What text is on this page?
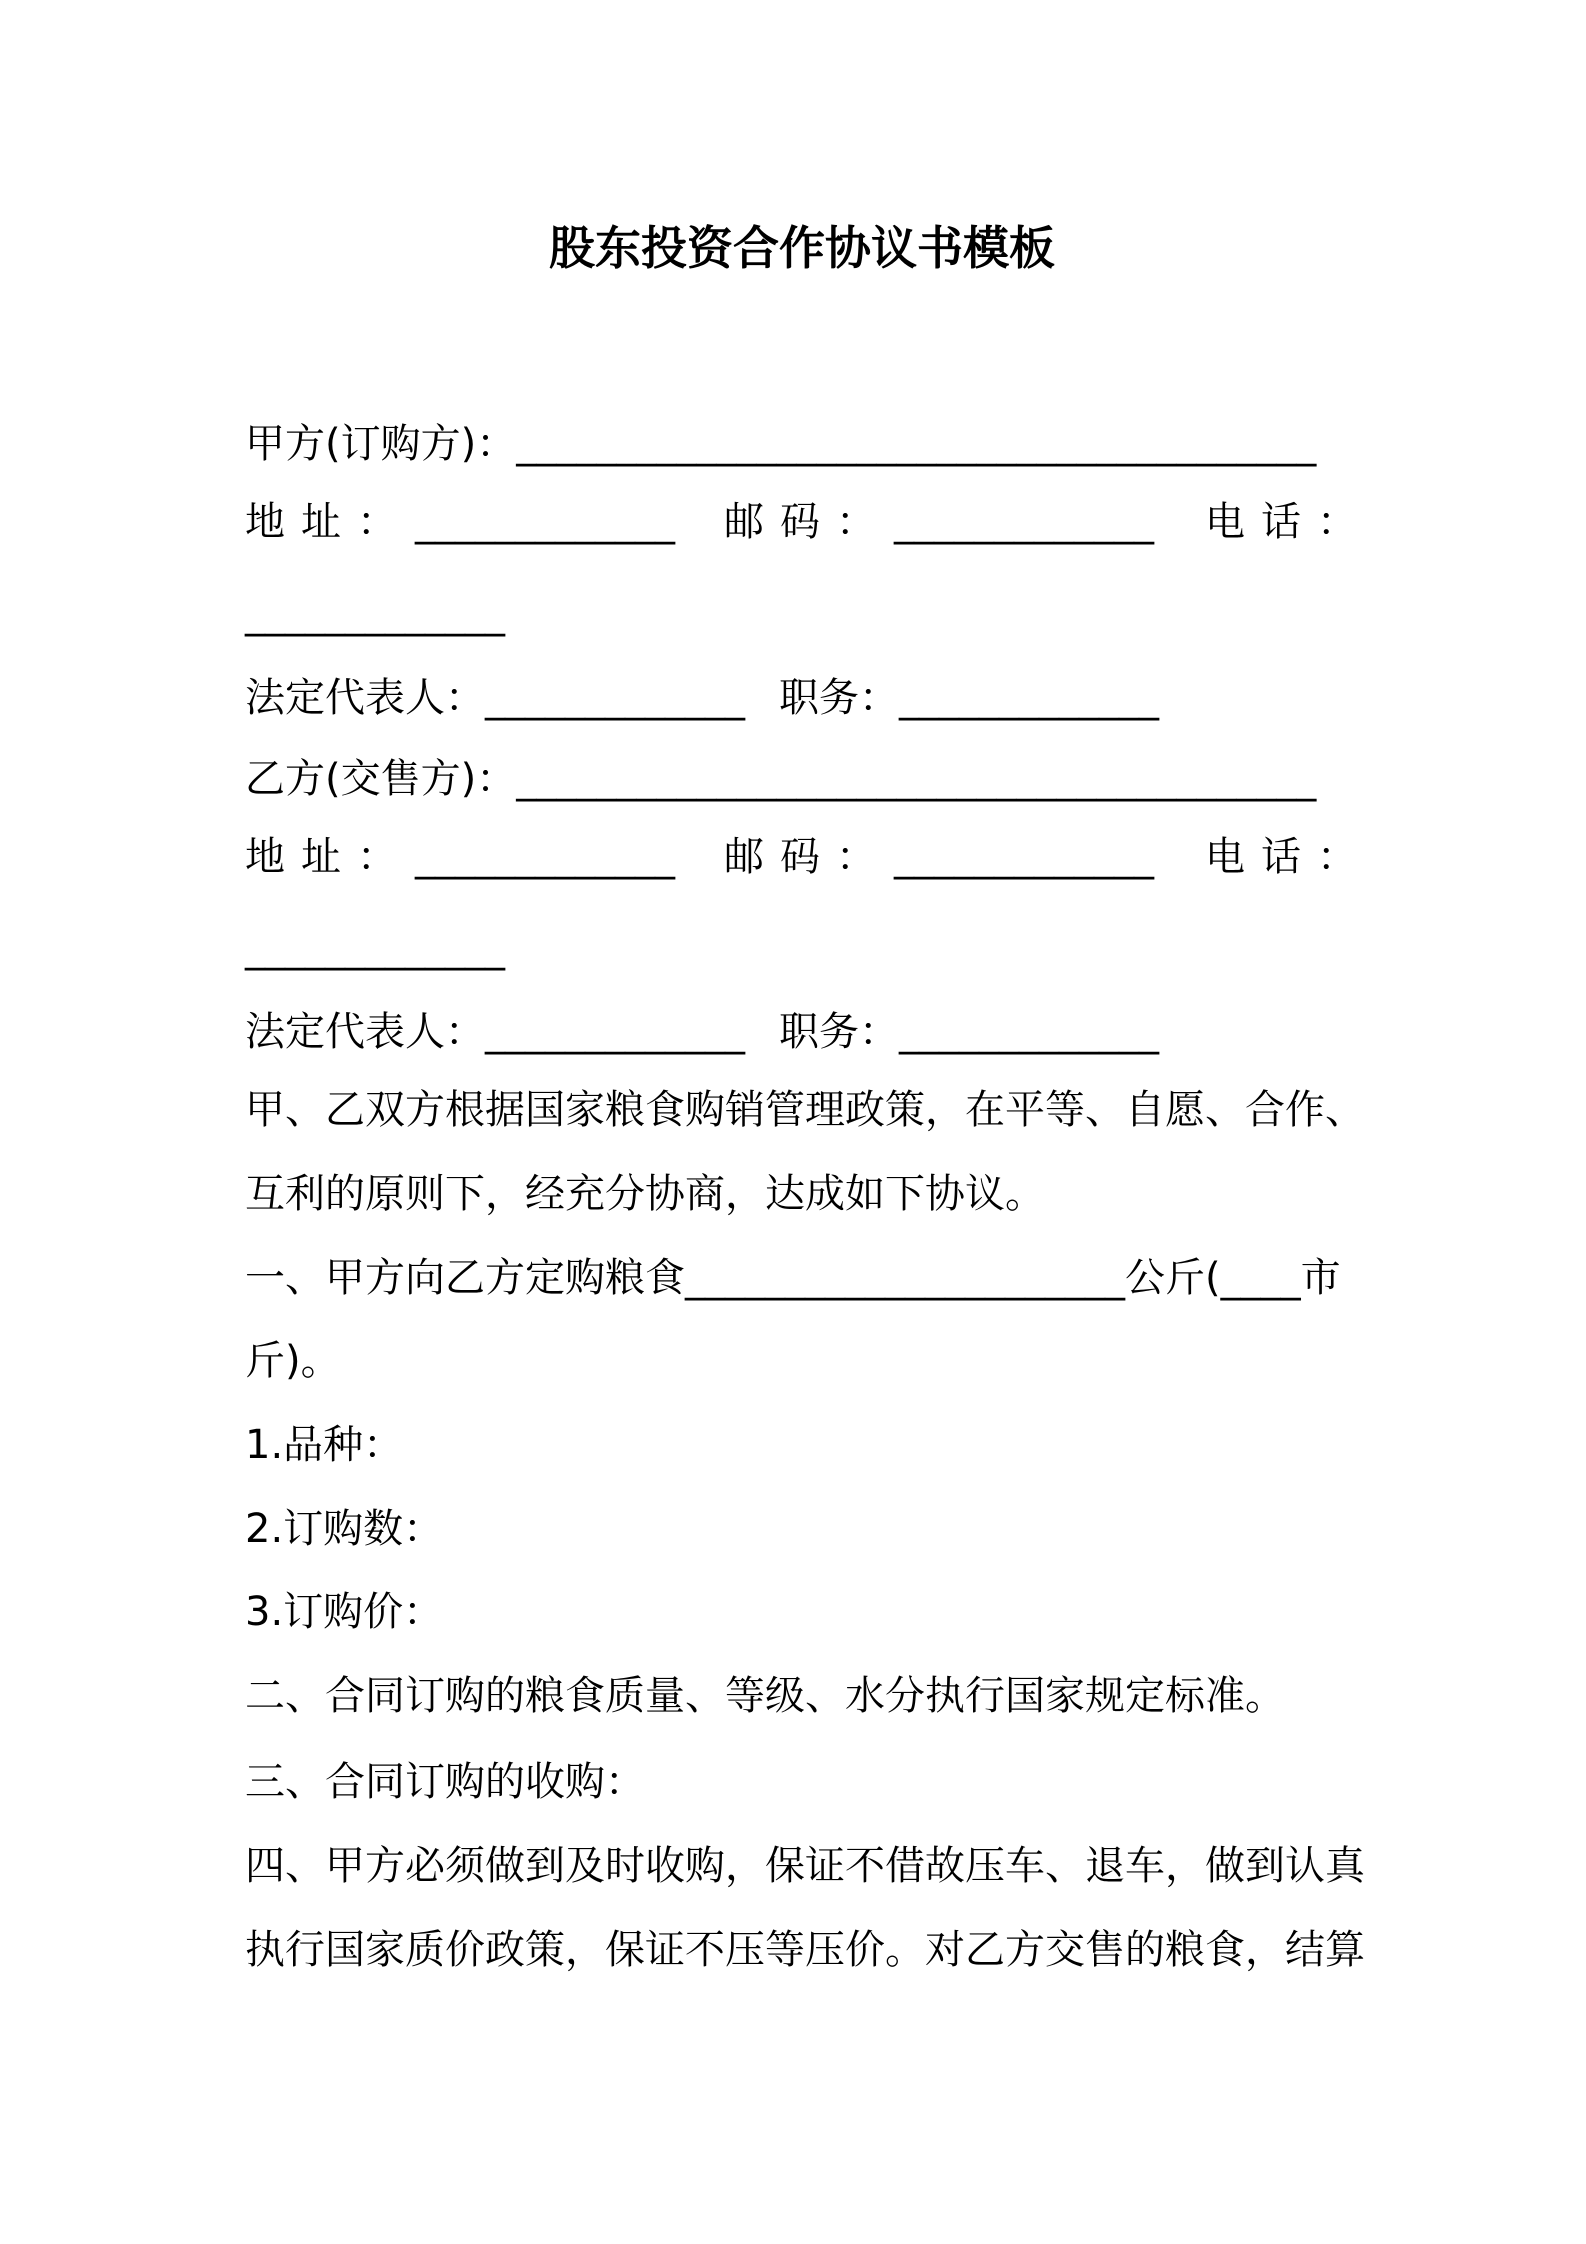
股东投资合作协议书模板
甲方(订购方)：________________________________________
地址： _____________ 邮码： _____________ 电话：
_____________
法定代表人：_____________ 职务：_____________
乙方(交售方)：________________________________________
地址： _____________ 邮码： _____________ 电话：
_____________
法定代表人：_____________ 职务：_____________
甲、乙双方根据国家粮食购销管理政策，在平等、自愿、合作、
互利的原则下，经充分协商，达成如下协议。
一、甲方向乙方定购粮食______________________公斤(____市
斤)。
1.品种：
2.订购数：
3.订购价：
二、合同订购的粮食质量、等级、水分执行国家规定标准。
三、合同订购的收购：
四、甲方必须做到及时收购，保证不借故压车、退车，做到认真
执行国家质价政策，保证不压等压价。对乙方交售的粮食，结算
